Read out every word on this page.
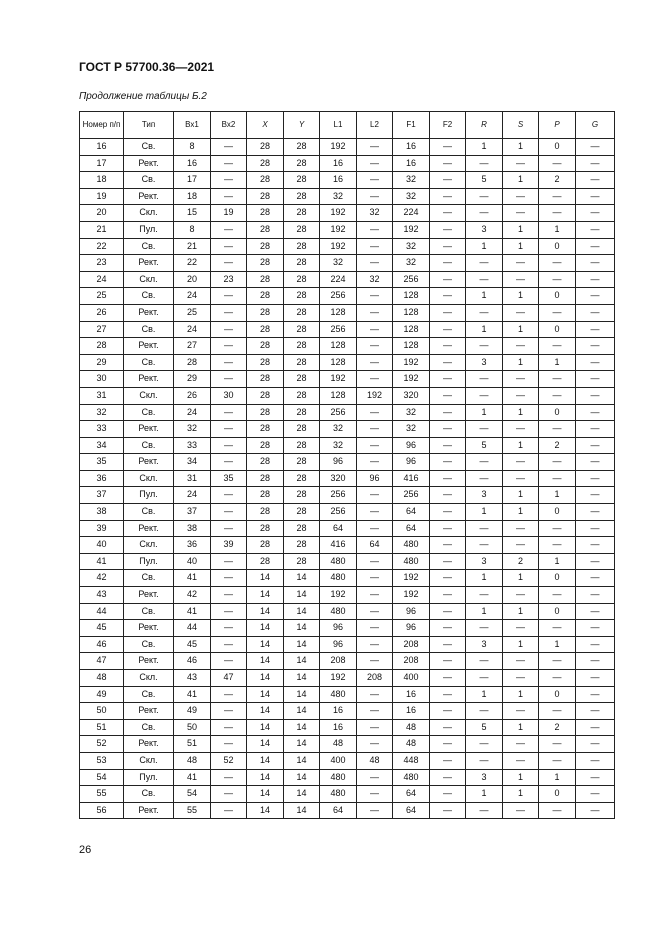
ГОСТ Р 57700.36—2021
Продолжение таблицы Б.2
Номер п/п	Тип	Bx1	Bx2	X	Y	L1	L2	F1	F2	R	S	P	G
16	Св.	8	—	28	28	192	—	16	—	1	1	0	—
17	Рект.	16	—	28	28	16	—	16	—	—	—	—	—
18	Св.	17	—	28	28	16	—	32	—	5	1	2	—
19	Рект.	18	—	28	28	32	—	32	—	—	—	—	—
20	Скл.	15	19	28	28	192	32	224	—	—	—	—	—
21	Пул.	8	—	28	28	192	—	192	—	3	1	1	—
22	Св.	21	—	28	28	192	—	32	—	1	1	0	—
23	Рект.	22	—	28	28	32	—	32	—	—	—	—	—
24	Скл.	20	23	28	28	224	32	256	—	—	—	—	—
25	Св.	24	—	28	28	256	—	128	—	1	1	0	—
26	Рект.	25	—	28	28	128	—	128	—	—	—	—	—
27	Св.	24	—	28	28	256	—	128	—	1	1	0	—
28	Рект.	27	—	28	28	128	—	128	—	—	—	—	—
29	Св.	28	—	28	28	128	—	192	—	3	1	1	—
30	Рект.	29	—	28	28	192	—	192	—	—	—	—	—
31	Скл.	26	30	28	28	128	192	320	—	—	—	—	—
32	Св.	24	—	28	28	256	—	32	—	1	1	0	—
33	Рект.	32	—	28	28	32	—	32	—	—	—	—	—
34	Св.	33	—	28	28	32	—	96	—	5	1	2	—
35	Рект.	34	—	28	28	96	—	96	—	—	—	—	—
36	Скл.	31	35	28	28	320	96	416	—	—	—	—	—
37	Пул.	24	—	28	28	256	—	256	—	3	1	1	—
38	Св.	37	—	28	28	256	—	64	—	1	1	0	—
39	Рект.	38	—	28	28	64	—	64	—	—	—	—	—
40	Скл.	36	39	28	28	416	64	480	—	—	—	—	—
41	Пул.	40	—	28	28	480	—	480	—	3	2	1	—
42	Св.	41	—	14	14	480	—	192	—	1	1	0	—
43	Рект.	42	—	14	14	192	—	192	—	—	—	—	—
44	Св.	41	—	14	14	480	—	96	—	1	1	0	—
45	Рект.	44	—	14	14	96	—	96	—	—	—	—	—
46	Св.	45	—	14	14	96	—	208	—	3	1	1	—
47	Рект.	46	—	14	14	208	—	208	—	—	—	—	—
48	Скл.	43	47	14	14	192	208	400	—	—	—	—	—
49	Св.	41	—	14	14	480	—	16	—	1	1	0	—
50	Рект.	49	—	14	14	16	—	16	—	—	—	—	—
51	Св.	50	—	14	14	16	—	48	—	5	1	2	—
52	Рект.	51	—	14	14	48	—	48	—	—	—	—	—
53	Скл.	48	52	14	14	400	48	448	—	—	—	—	—
54	Пул.	41	—	14	14	480	—	480	—	3	1	1	—
55	Св.	54	—	14	14	480	—	64	—	1	1	0	—
56	Рект.	55	—	14	14	64	—	64	—	—	—	—	—
26
